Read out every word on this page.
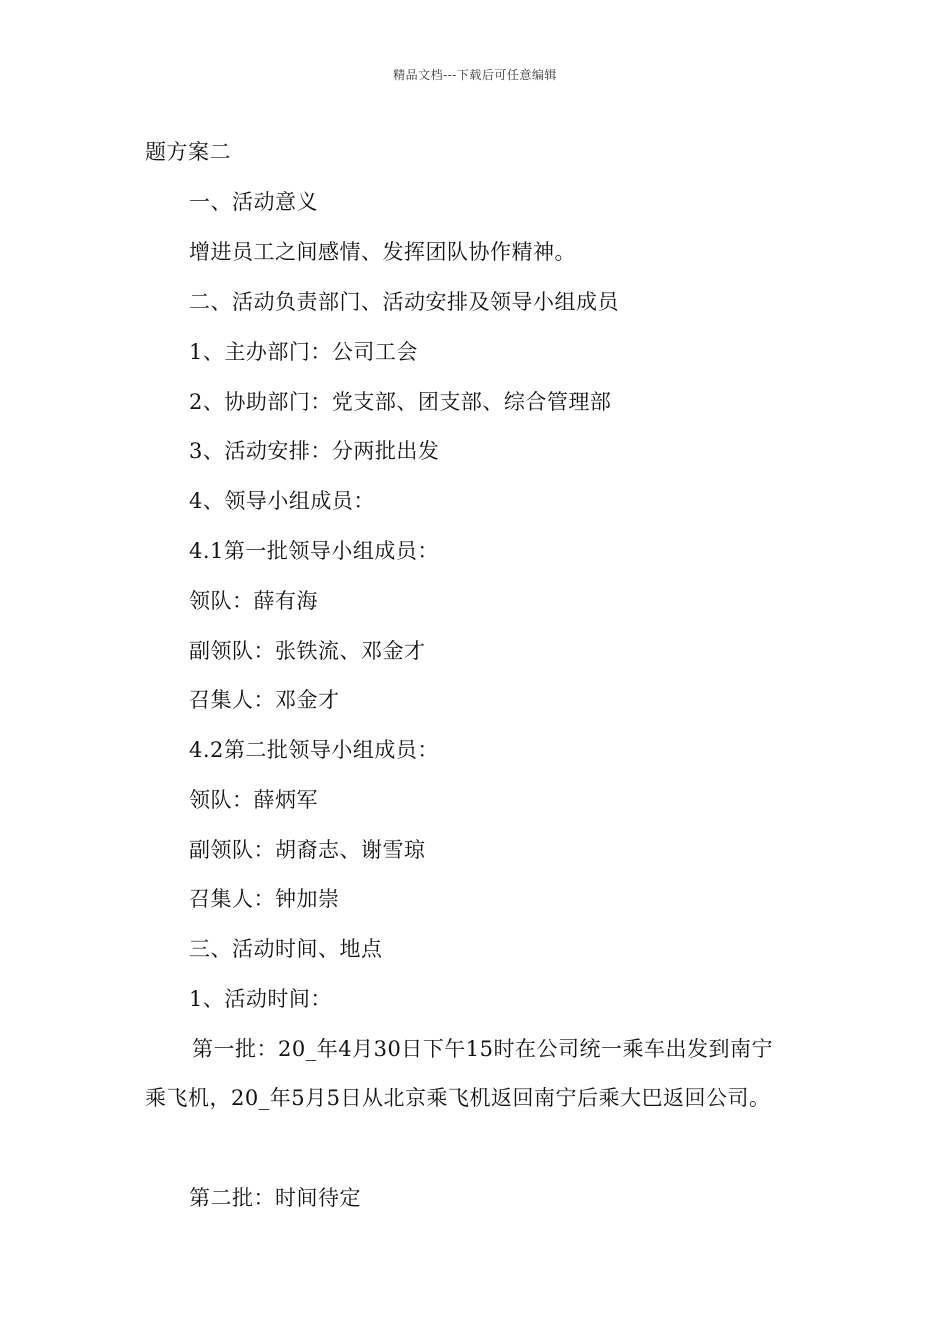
精品文档---下载后可任意编辑
题方案二
一、活动意义
增进员工之间感情、发挥团队协作精神。
二、活动负责部门、活动安排及领导小组成员
1、主办部门：公司工会
2、协助部门：党支部、团支部、综合管理部
3、活动安排：分两批出发
4、领导小组成员：
4.1第一批领导小组成员：
领队：薛有海
副领队：张铁流、邓金才
召集人：邓金才
4.2第二批领导小组成员：
领队：薛炳军
副领队：胡裔志、谢雪琼
召集人：钟加崇
三、活动时间、地点
1、活动时间：
第一批：20_年4月30日下午15时在公司统一乘车出发到南宁
乘飞机，20_年5月5日从北京乘飞机返回南宁后乘大巴返回公司。
第二批：时间待定
